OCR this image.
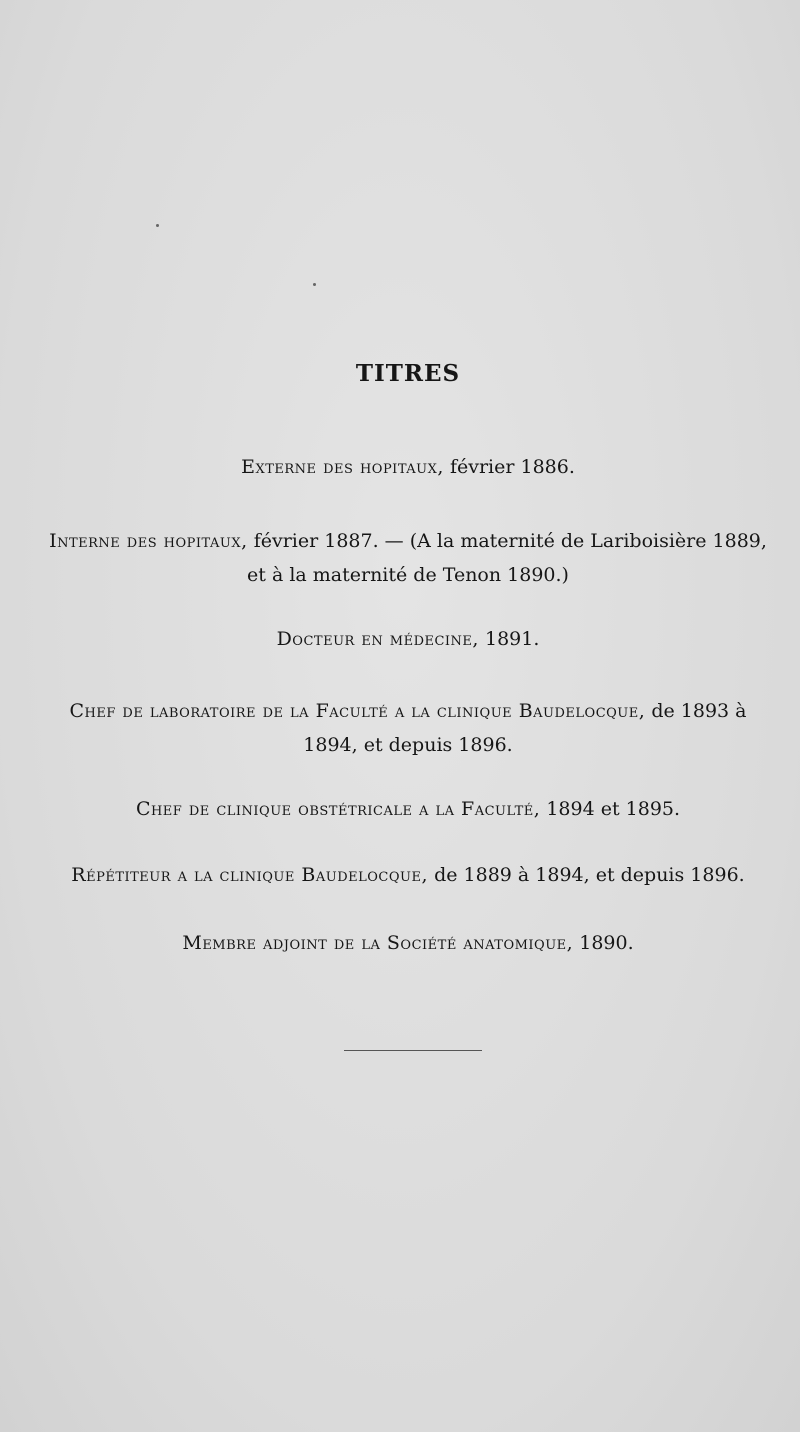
TITRES
Externe des hopitaux, février 1886.
Interne des hopitaux, février 1887. — (A la maternité de Lariboisière 1889,
et à la maternité de Tenon 1890.)
Docteur en médecine, 1891.
Chef de laboratoire de la Faculté a la clinique Baudelocque, de 1893 à
1894, et depuis 1896.
Chef de clinique obstétricale a la Faculté, 1894 et 1895.
Répétiteur a la clinique Baudelocque, de 1889 à 1894, et depuis 1896.
Membre adjoint de la Société anatomique, 1890.
